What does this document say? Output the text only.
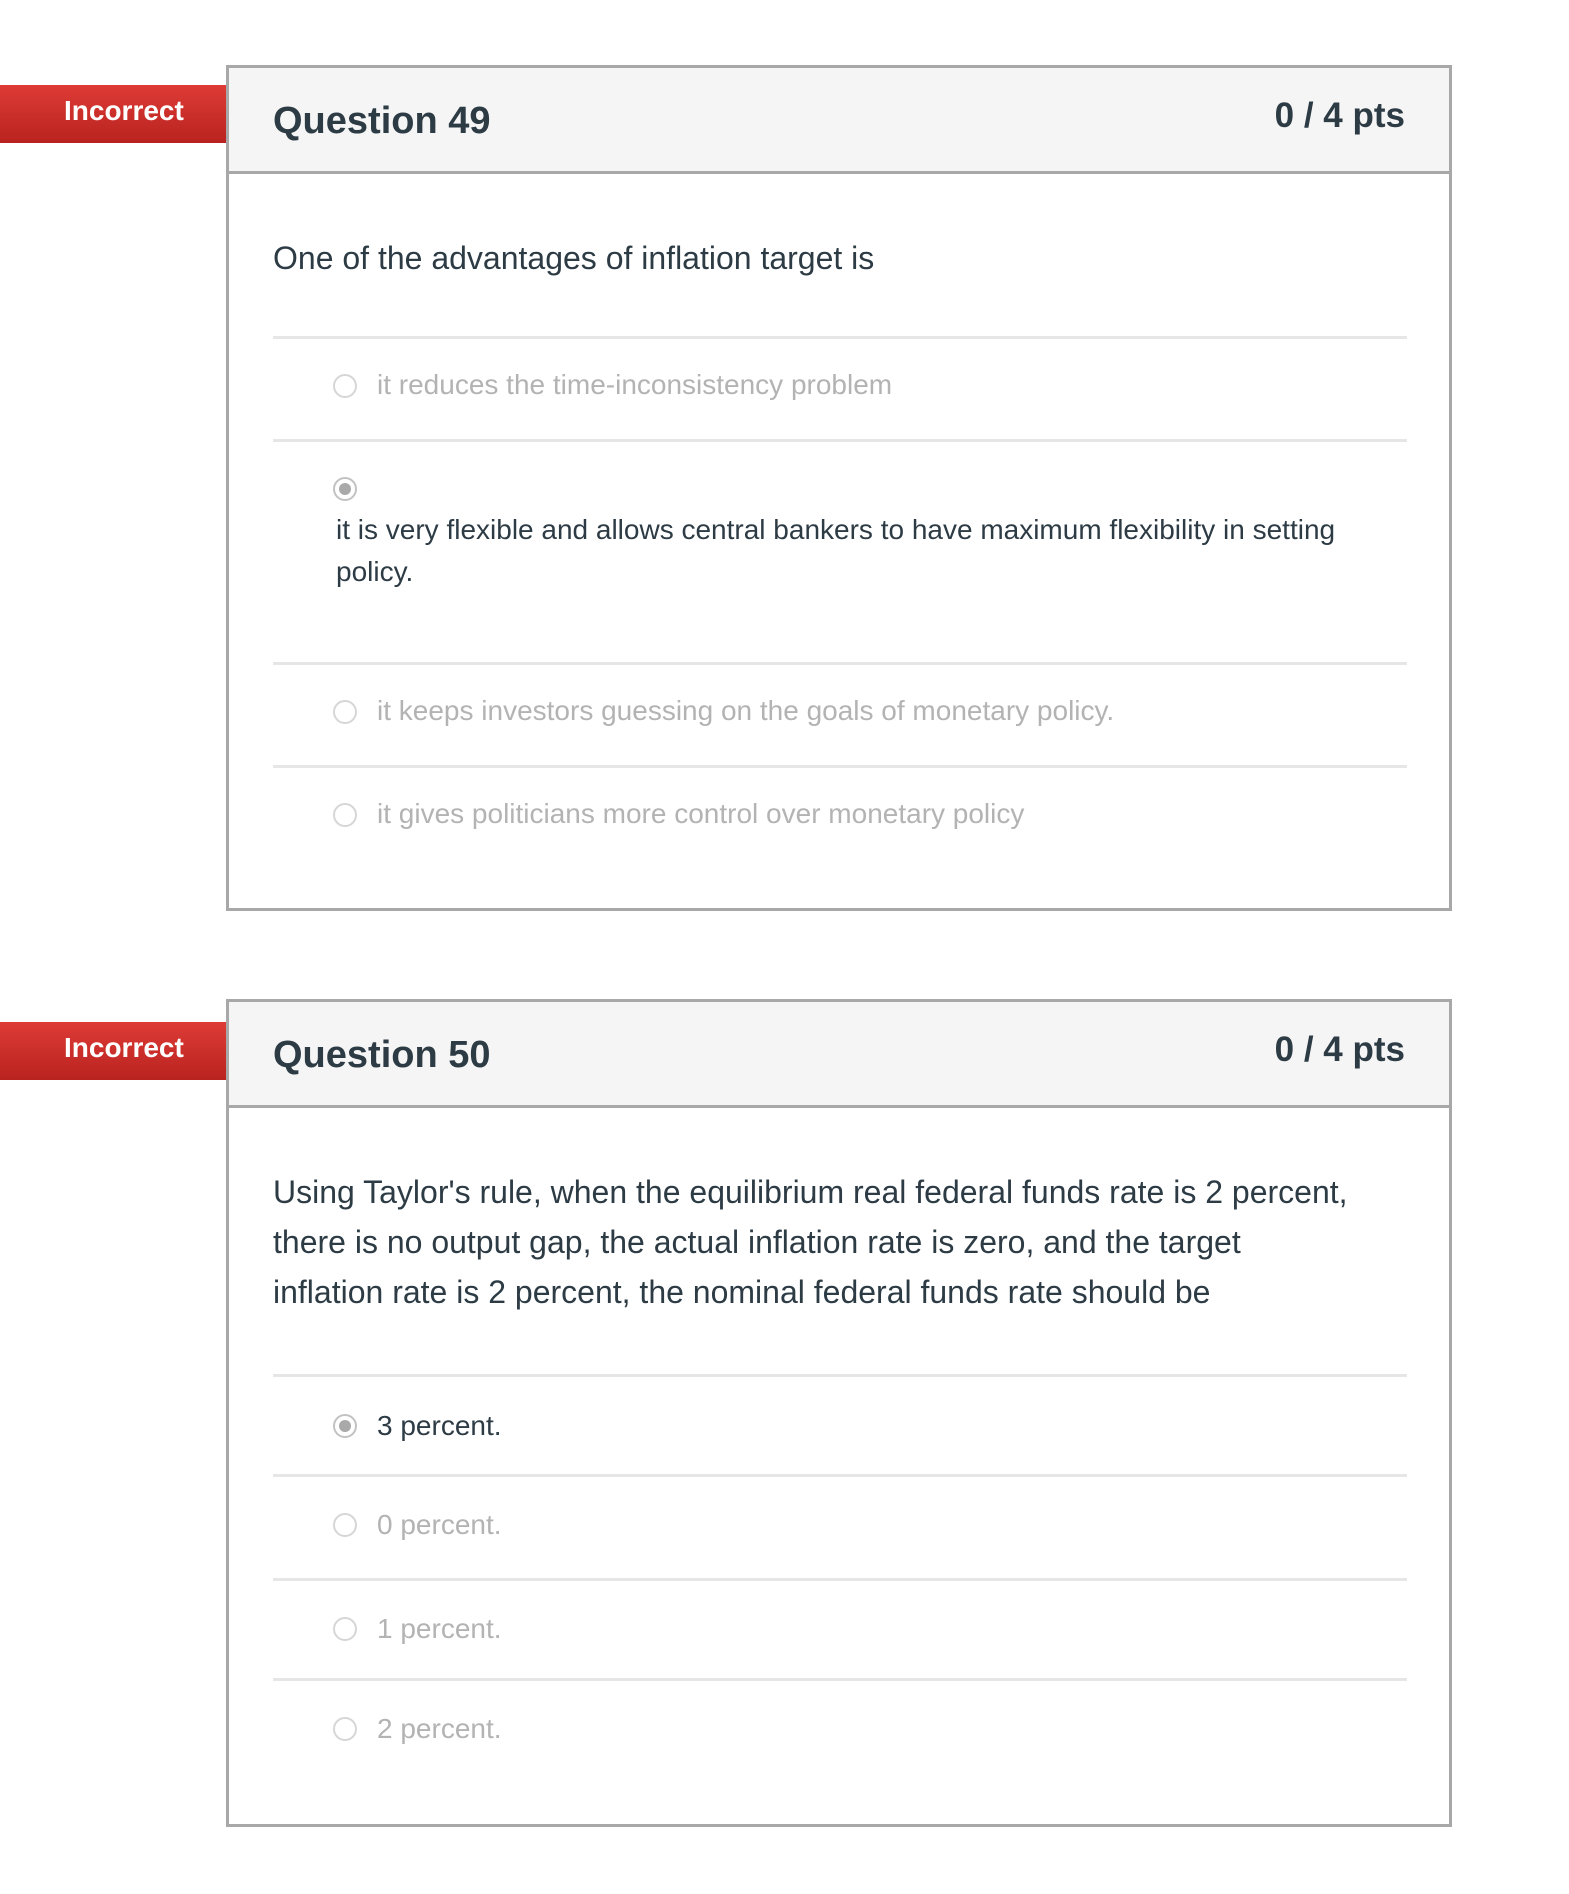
Incorrect Question 49	0 / 4 pts
One of the advantages of inflation target is
it reduces the time-inconsistency problem
it is very flexible and allows central bankers to have maximum flexibility in setting policy.
it keeps investors guessing on the goals of monetary policy.
it gives politicians more control over monetary policy
Incorrect Question 50	0 / 4 pts
Using Taylor's rule, when the equilibrium real federal funds rate is 2 percent,
there is no output gap, the actual inflation rate is zero, and the target
inflation rate is 2 percent, the nominal federal funds rate should be
3 percent.
0 percent.
1 percent.
2 percent.
